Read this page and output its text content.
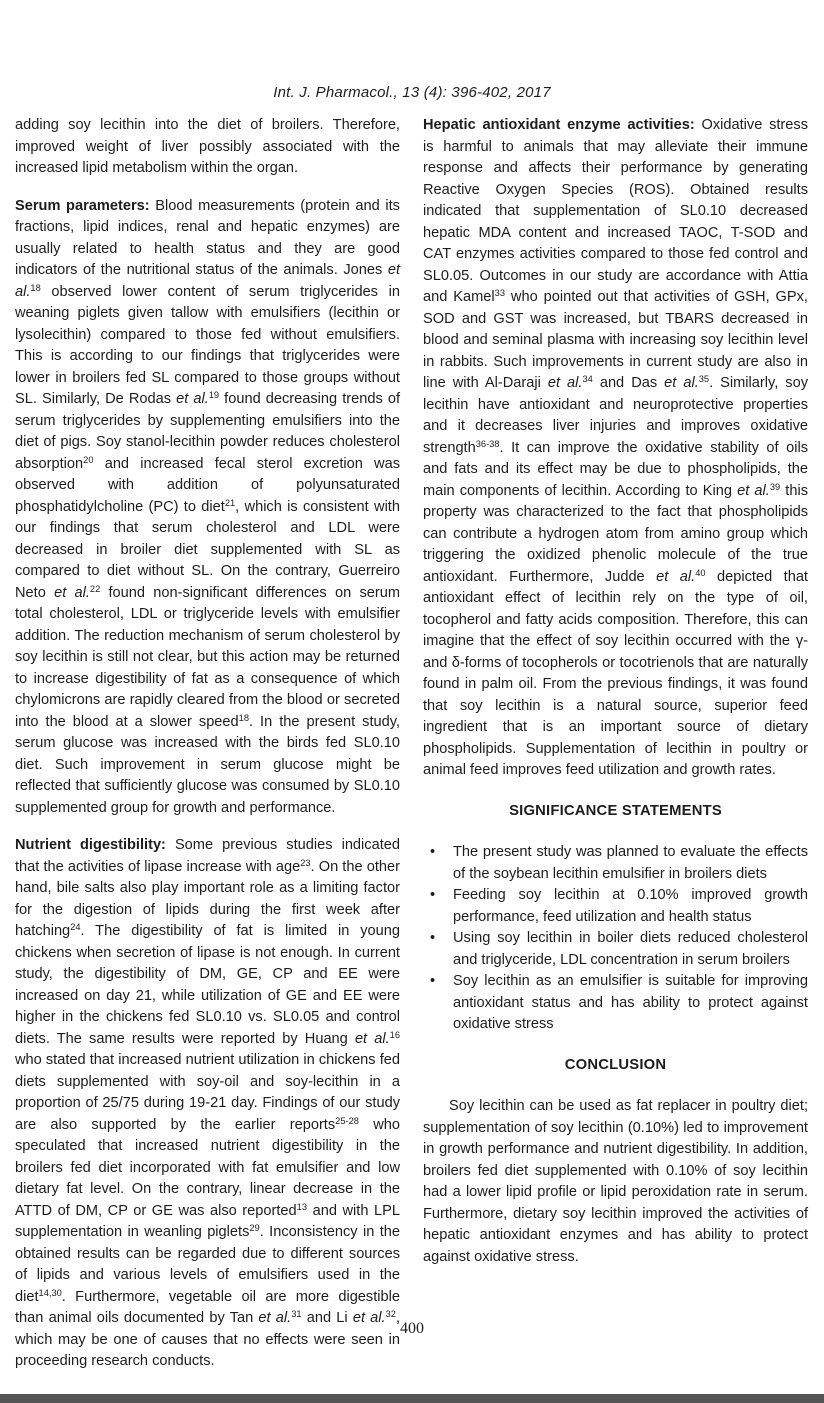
Int. J. Pharmacol., 13 (4): 396-402, 2017

adding soy lecithin into the diet of broilers. Therefore, improved weight of liver possibly associated with the increased lipid metabolism within the organ.

Serum parameters: Blood measurements (protein and its fractions, lipid indices, renal and hepatic enzymes) are usually related to health status and they are good indicators of the nutritional status of the animals. Jones et al.$^{18}$ observed lower content of serum triglycerides in weaning piglets given tallow with emulsifiers (lecithin or lysolecithin) compared to those fed without emulsifiers. This is according to our findings that triglycerides were lower in broilers fed SL compared to those groups without SL. Similarly, De Rodas et al.$^{19}$ found decreasing trends of serum triglycerides by supplementing emulsifiers into the diet of pigs. Soy stanol-lecithin powder reduces cholesterol absorption$^{20}$ and increased fecal sterol excretion was observed with addition of polyunsaturated phosphatidylcholine (PC) to diet$^{21}$, which is consistent with our findings that serum cholesterol and LDL were decreased in broiler diet supplemented with SL as compared to diet without SL. On the contrary, Guerreiro Neto et al.$^{22}$ found non-significant differences on serum total cholesterol, LDL or triglyceride levels with emulsifier addition. The reduction mechanism of serum cholesterol by soy lecithin is still not clear, but this action may be returned to increase digestibility of fat as a consequence of which chylomicrons are rapidly cleared from the blood or secreted into the blood at a slower speed$^{18}$. In the present study, serum glucose was increased with the birds fed SL0.10 diet. Such improvement in serum glucose might be reflected that sufficiently glucose was consumed by SL0.10 supplemented group for growth and performance.

Nutrient digestibility: Some previous studies indicated that the activities of lipase increase with age$^{23}$. On the other hand, bile salts also play important role as a limiting factor for the digestion of lipids during the first week after hatching$^{24}$. The digestibility of fat is limited in young chickens when secretion of lipase is not enough. In current study, the digestibility of DM, GE, CP and EE were increased on day 21, while utilization of GE and EE were higher in the chickens fed SL0.10 vs. SL0.05 and control diets. The same results were reported by Huang et al.$^{16}$ who stated that increased nutrient utilization in chickens fed diets supplemented with soy-oil and soy-lecithin in a proportion of 25/75 during 19-21 day. Findings of our study are also supported by the earlier reports$^{25-28}$ who speculated that increased nutrient digestibility in the broilers fed diet incorporated with fat emulsifier and low dietary fat level. On the contrary, linear decrease in the ATTD of DM, CP or GE was also reported$^{13}$ and with LPL supplementation in weanling piglets$^{29}$. Inconsistency in the obtained results can be regarded due to different sources of lipids and various levels of emulsifiers used in the diet$^{14,30}$. Furthermore, vegetable oil are more digestible than animal oils documented by Tan et al.$^{31}$ and Li et al.$^{32}$, which may be one of causes that no effects were seen in proceeding research conducts.

Hepatic antioxidant enzyme activities: Oxidative stress is harmful to animals that may alleviate their immune response and affects their performance by generating Reactive Oxygen Species (ROS). Obtained results indicated that supplementation of SL0.10 decreased hepatic MDA content and increased TAOC, T-SOD and CAT enzymes activities compared to those fed control and SL0.05. Outcomes in our study are accordance with Attia and Kamel$^{33}$ who pointed out that activities of GSH, GPx, SOD and GST was increased, but TBARS decreased in blood and seminal plasma with increasing soy lecithin level in rabbits. Such improvements in current study are also in line with Al-Daraji et al.$^{34}$ and Das et al.$^{35}$. Similarly, soy lecithin have antioxidant and neuroprotective properties and it decreases liver injuries and improves oxidative strength$^{36-38}$. It can improve the oxidative stability of oils and fats and its effect may be due to phospholipids, the main components of lecithin. According to King et al.$^{39}$ this property was characterized to the fact that phospholipids can contribute a hydrogen atom from amino group which triggering the oxidized phenolic molecule of the true antioxidant. Furthermore, Judde et al.$^{40}$ depicted that antioxidant effect of lecithin rely on the type of oil, tocopherol and fatty acids composition. Therefore, this can imagine that the effect of soy lecithin occurred with the γ- and δ-forms of tocopherols or tocotrienols that are naturally found in palm oil. From the previous findings, it was found that soy lecithin is a natural source, superior feed ingredient that is an important source of dietary phospholipids. Supplementation of lecithin in poultry or animal feed improves feed utilization and growth rates.

SIGNIFICANCE STATEMENTS
• The present study was planned to evaluate the effects of the soybean lecithin emulsifier in broilers diets
• Feeding soy lecithin at 0.10% improved growth performance, feed utilization and health status
• Using soy lecithin in boiler diets reduced cholesterol and triglyceride, LDL concentration in serum broilers
• Soy lecithin as an emulsifier is suitable for improving antioxidant status and has ability to protect against oxidative stress
CONCLUSION

Soy lecithin can be used as fat replacer in poultry diet; supplementation of soy lecithin (0.10%) led to improvement in growth performance and nutrient digestibility. In addition, broilers fed diet supplemented with 0.10% of soy lecithin had a lower lipid profile or lipid peroxidation rate in serum. Furthermore, dietary soy lecithin improved the activities of hepatic antioxidant enzymes and has ability to protect against oxidative stress.

400
